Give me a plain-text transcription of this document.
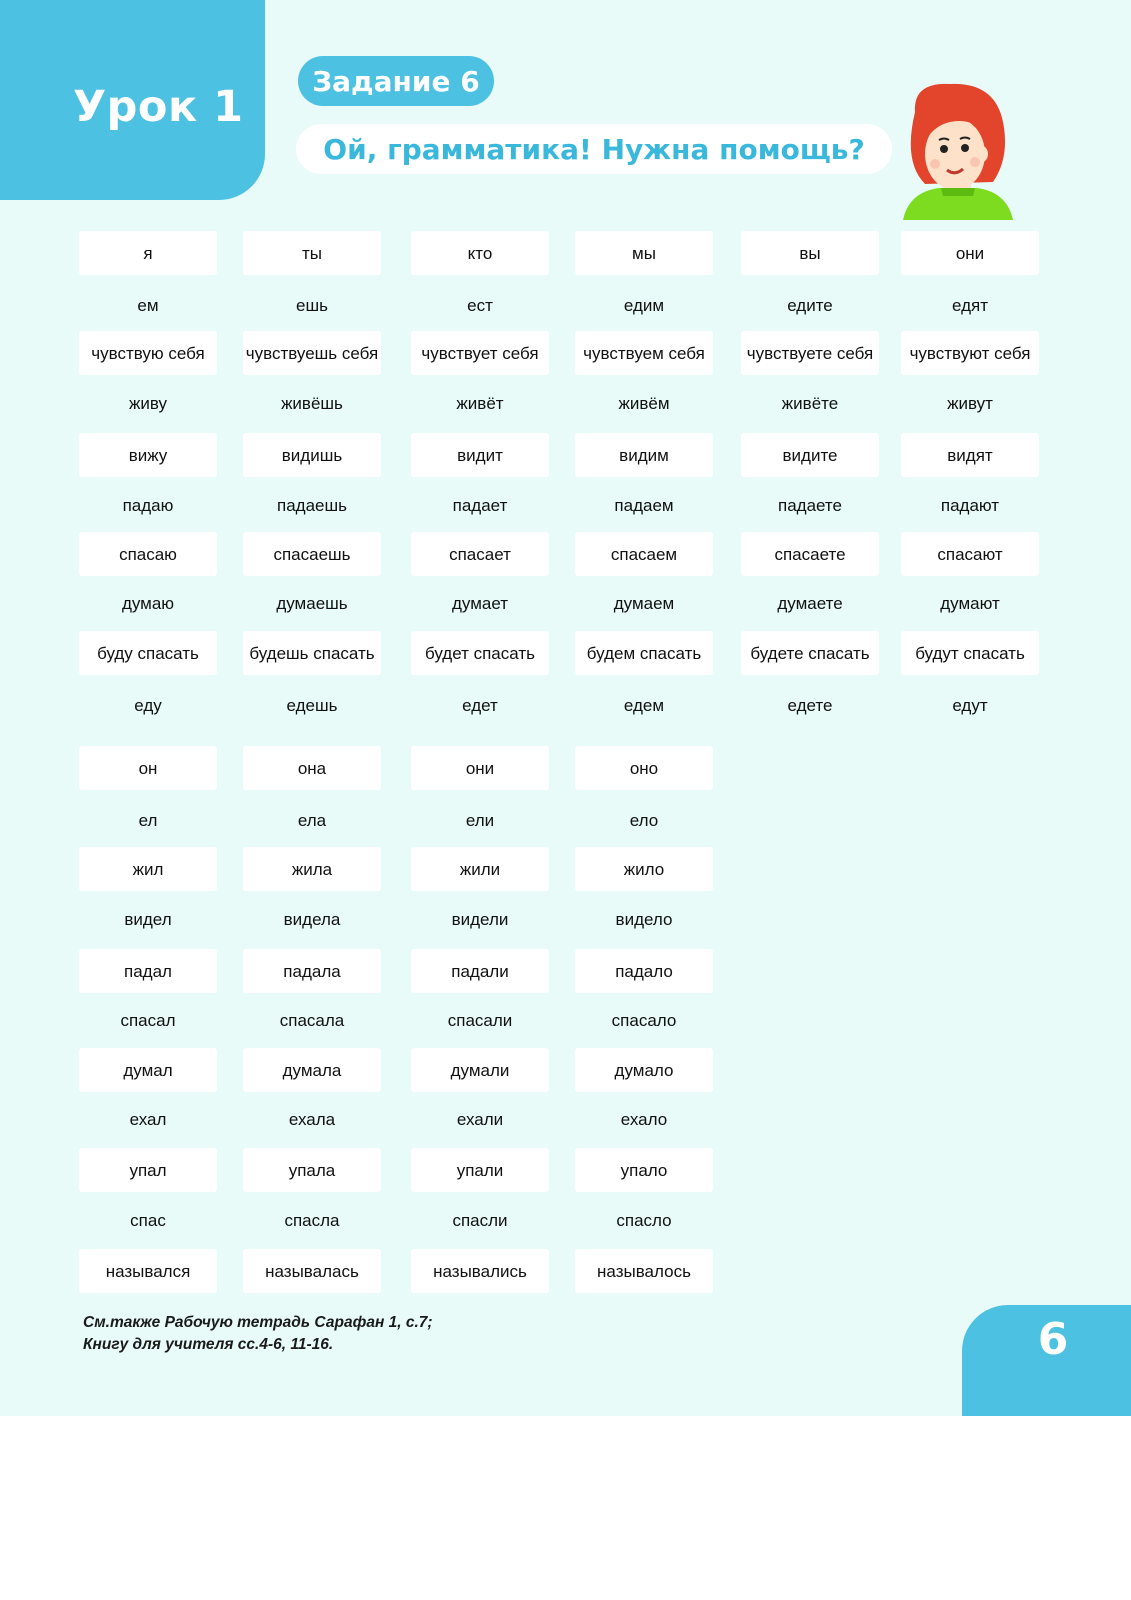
Урок 1
Задание 6
Ой, грамматика! Нужна помощь?
я	ты	кто	мы	вы	они
ем	ешь	ест	едим	едите	едят
чувствую себя	чувствуешь себя	чувствует себя	чувствуем себя	чувствуете себя	чувствуют себя
живу	живёшь	живёт	живём	живёте	живут
вижу	видишь	видит	видим	видите	видят
падаю	падаешь	падает	падаем	падаете	падают
спасаю	спасаешь	спасает	спасаем	спасаете	спасают
думаю	думаешь	думает	думаем	думаете	думают
буду спасать	будешь спасать	будет спасать	будем спасать	будете спасать	будут спасать
еду	едешь	едет	едем	едете	едут
он	она	они	оно
ел	ела	ели	ело
жил	жила	жили	жило
видел	видела	видели	видело
падал	падала	падали	падало
спасал	спасала	спасали	спасало
думал	думала	думали	думало
ехал	ехала	ехали	ехало
упал	упала	упали	упало
спас	спасла	спасли	спасло
назывался	называлась	назывались	называлось
См.также Рабочую тетрадь Сарафан 1, с.7;
Книгу для учителя сс.4-6, 11-16.	6
